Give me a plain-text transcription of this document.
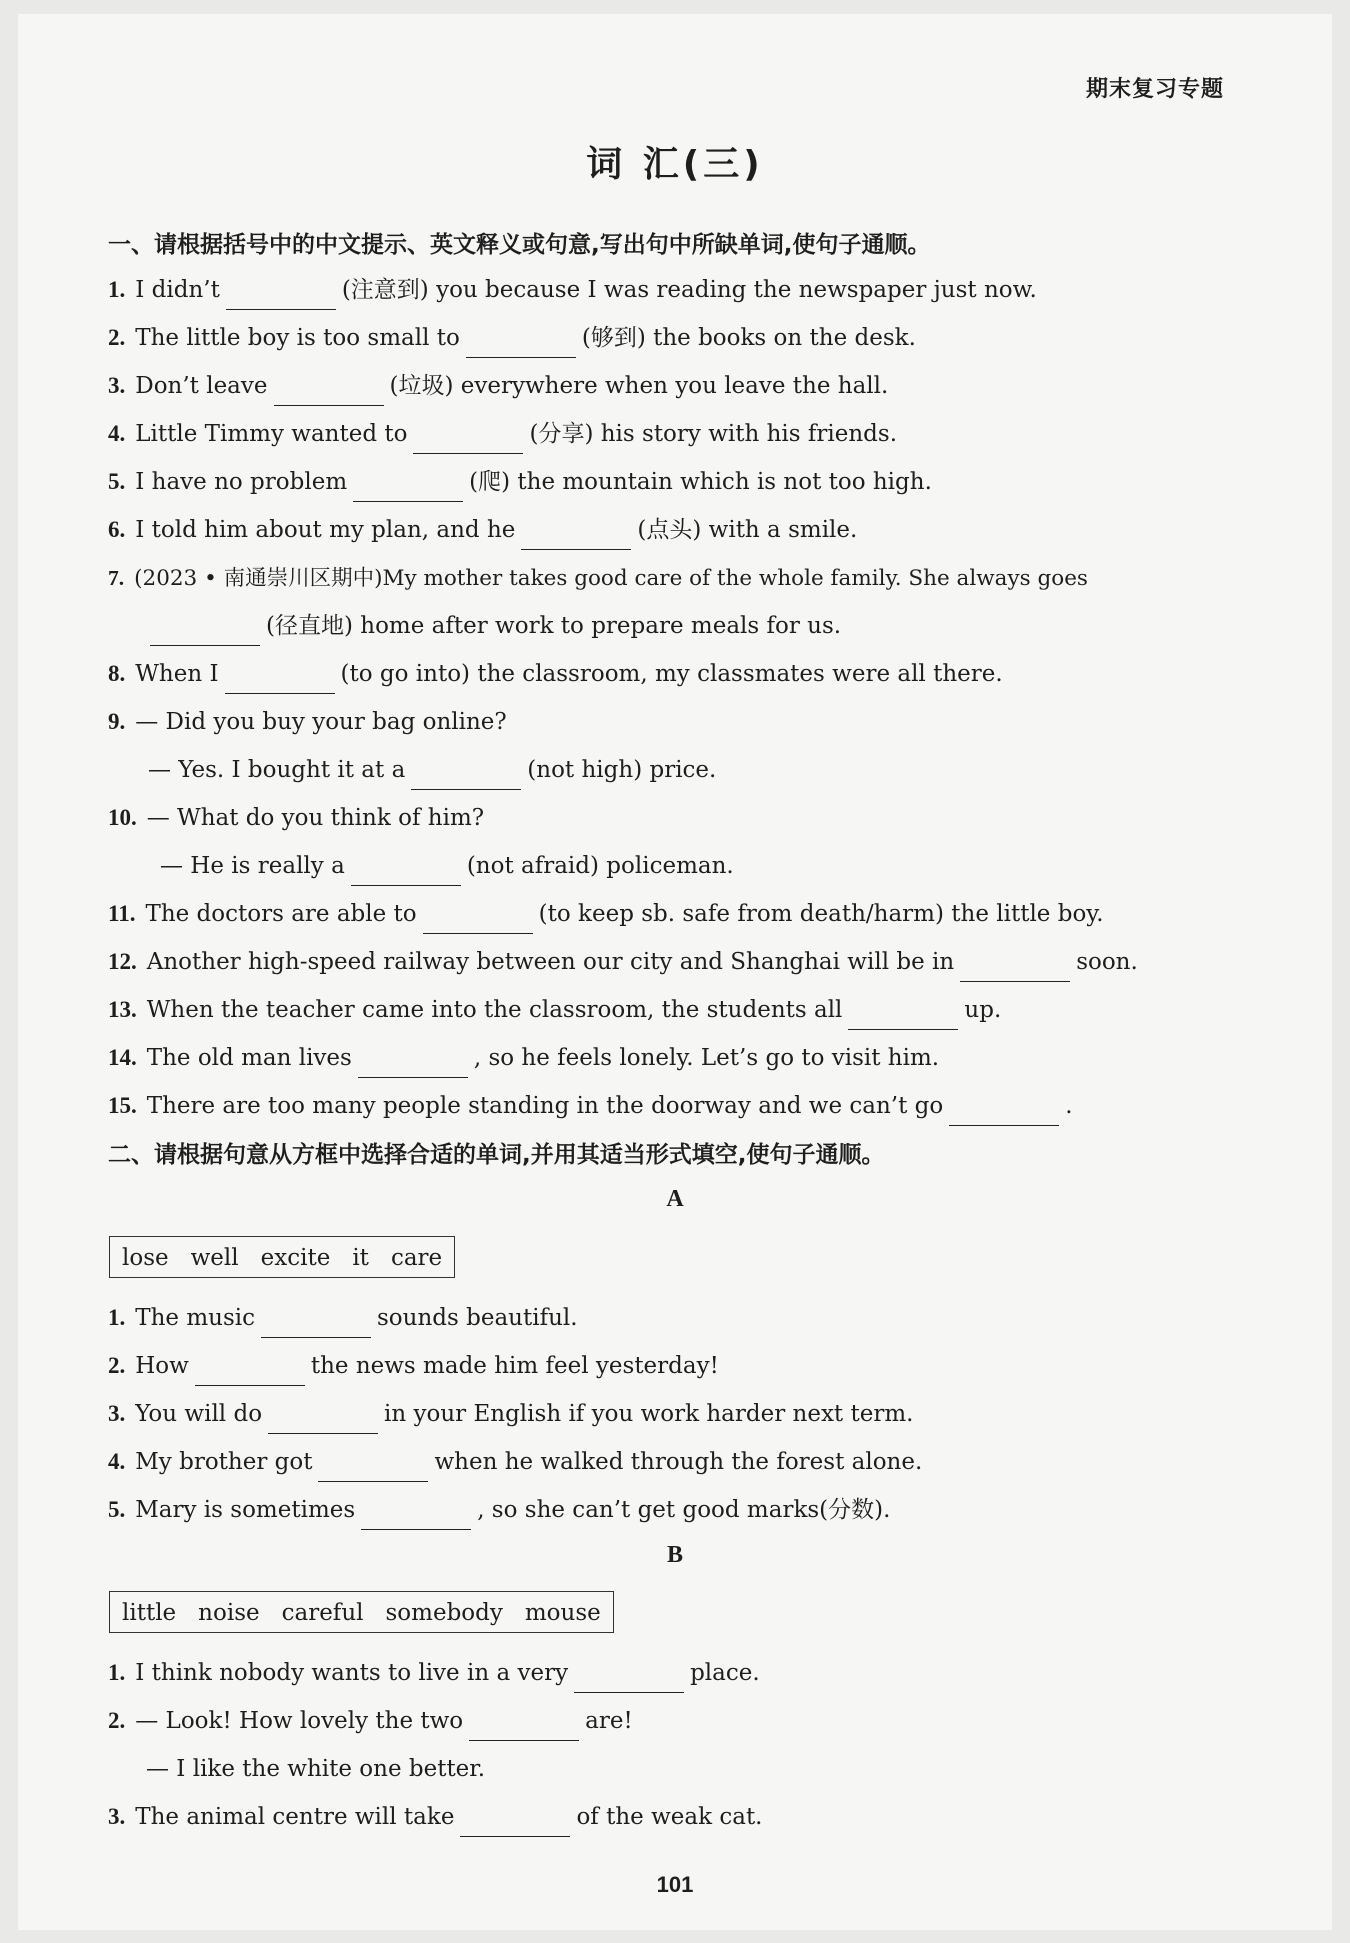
期末复习专题
词 汇(三)
一、请根据括号中的中文提示、英文释义或句意,写出句中所缺单词,使句子通顺。
1. I didn’t	(注意到) you because I was reading the newspaper just now.
2. The little boy is too small to	(够到) the books on the desk.
3. Don’t leave	(垃圾) everywhere when you leave the hall.
4. Little Timmy wanted to	(分享) his story with his friends.
5. I have no problem	(爬) the mountain which is not too high.
6. I told him about my plan, and he	(点头) with a smile.
7. (2023 • 南通崇川区期中)My mother takes good care of the whole family. She always goes
(径直地) home after work to prepare meals for us.
8. When I	(to go into) the classroom, my classmates were all there.
9. — Did you buy your bag online?
— Yes. I bought it at a	(not high) price.
10. — What do you think of him?
— He is really a	(not afraid) policeman.
11. The doctors are able to	(to keep sb. safe from death/harm) the little boy.
12. Another high-speed railway between our city and Shanghai will be in	soon.
13. When the teacher came into the classroom, the students all	up.
14. The old man lives	, so he feels lonely. Let’s go to visit him.
15. There are too many people standing in the doorway and we can’t go	.
二、请根据句意从方框中选择合适的单词,并用其适当形式填空,使句子通顺。
A
lose well excite it care
1. The music	sounds beautiful.
2. How	the news made him feel yesterday!
3. You will do	in your English if you work harder next term.
4. My brother got	when he walked through the forest alone.
5. Mary is sometimes	, so she can’t get good marks(分数).
B
little noise careful somebody mouse
1. I think nobody wants to live in a very	place.
2. — Look! How lovely the two	are!
— I like the white one better.
3. The animal centre will take	of the weak cat.
101
